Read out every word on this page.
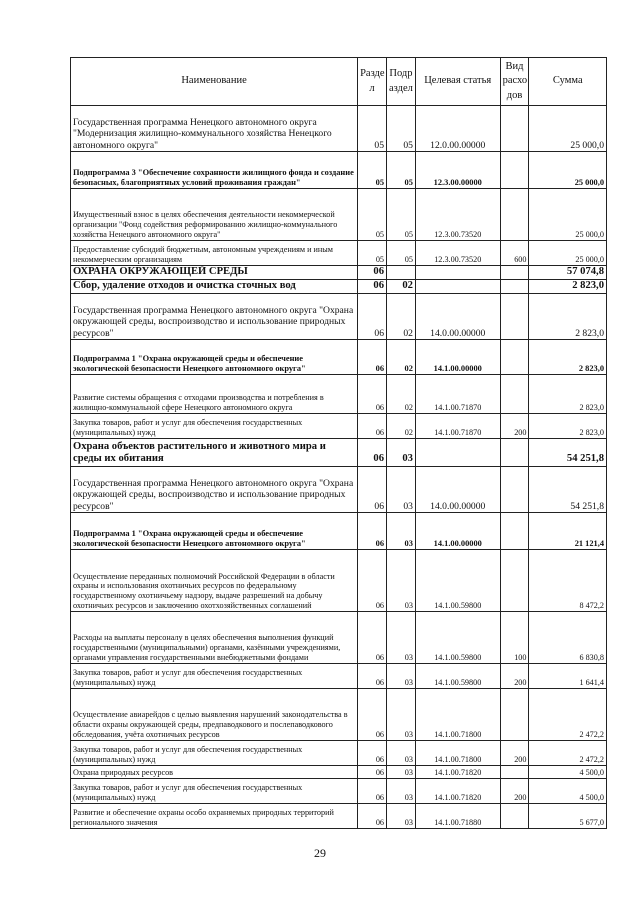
Наименование	Разде л	Подр аздел	Целевая статья	Вид расхо дов	Сумма
Государственная программа Ненецкого автономного округа "Модернизация жилищно-коммунального хозяйства Ненецкого автономного округа"	05	05	12.0.00.00000		25 000,0
Подпрограмма 3 "Обеспечение сохранности жилищного фонда и создание безопасных, благоприятных условий проживания граждан"	05	05	12.3.00.00000		25 000,0
Имущественный взнос в целях обеспечения деятельности некоммерческой организации "Фонд содействия реформированию жилищно-коммунального хозяйства Ненецкого автономного округа"	05	05	12.3.00.73520		25 000,0
Предоставление субсидий бюджетным, автономным учреждениям и иным некоммерческим организациям	05	05	12.3.00.73520	600	25 000,0
ОХРАНА ОКРУЖАЮЩЕЙ СРЕДЫ	06				57 074,8
Сбор, удаление отходов и очистка сточных вод	06	02			2 823,0
Государственная программа Ненецкого автономного округа "Охрана окружающей среды, воспроизводство и использование природных ресурсов"	06	02	14.0.00.00000		2 823,0
Подпрограмма 1 "Охрана окружающей среды и обеспечение экологической безопасности Ненецкого автономного округа"	06	02	14.1.00.00000		2 823,0
Развитие системы обращения с отходами производства и потребления в жилищно-коммунальной сфере Ненецкого автономного округа	06	02	14.1.00.71870		2 823,0
Закупка товаров, работ и услуг для обеспечения государственных (муниципальных) нужд	06	02	14.1.00.71870	200	2 823,0
Охрана объектов растительного и животного мира и среды их обитания	06	03			54 251,8
Государственная программа Ненецкого автономного округа "Охрана окружающей среды, воспроизводство и использование природных ресурсов"	06	03	14.0.00.00000		54 251,8
Подпрограмма 1 "Охрана окружающей среды и обеспечение экологической безопасности Ненецкого автономного округа"	06	03	14.1.00.00000		21 121,4
Осуществление переданных полномочий Российской Федерации в области охраны и использования охотничьих ресурсов по федеральному государственному охотничьему надзору, выдаче разрешений на добычу охотничьих ресурсов и заключению охотхозяйственных соглашений	06	03	14.1.00.59800		8 472,2
Расходы на выплаты персоналу в целях обеспечения выполнения функций государственными (муниципальными) органами, казёнными учреждениями, органами управления государственными внебюджетными фондами	06	03	14.1.00.59800	100	6 830,8
Закупка товаров, работ и услуг для обеспечения государственных (муниципальных) нужд	06	03	14.1.00.59800	200	1 641,4
Осуществление авиарейдов с целью выявления нарушений законодательства в области охраны окружающей среды, предпаводкового и послепаводкового обследования, учёта охотничьих ресурсов	06	03	14.1.00.71800		2 472,2
Закупка товаров, работ и услуг для обеспечения государственных (муниципальных) нужд	06	03	14.1.00.71800	200	2 472,2
Охрана природных ресурсов	06	03	14.1.00.71820		4 500,0
Закупка товаров, работ и услуг для обеспечения государственных (муниципальных) нужд	06	03	14.1.00.71820	200	4 500,0
Развитие и обеспечение охраны особо охраняемых природных территорий регионального значения	06	03	14.1.00.71880		5 677,0
29
